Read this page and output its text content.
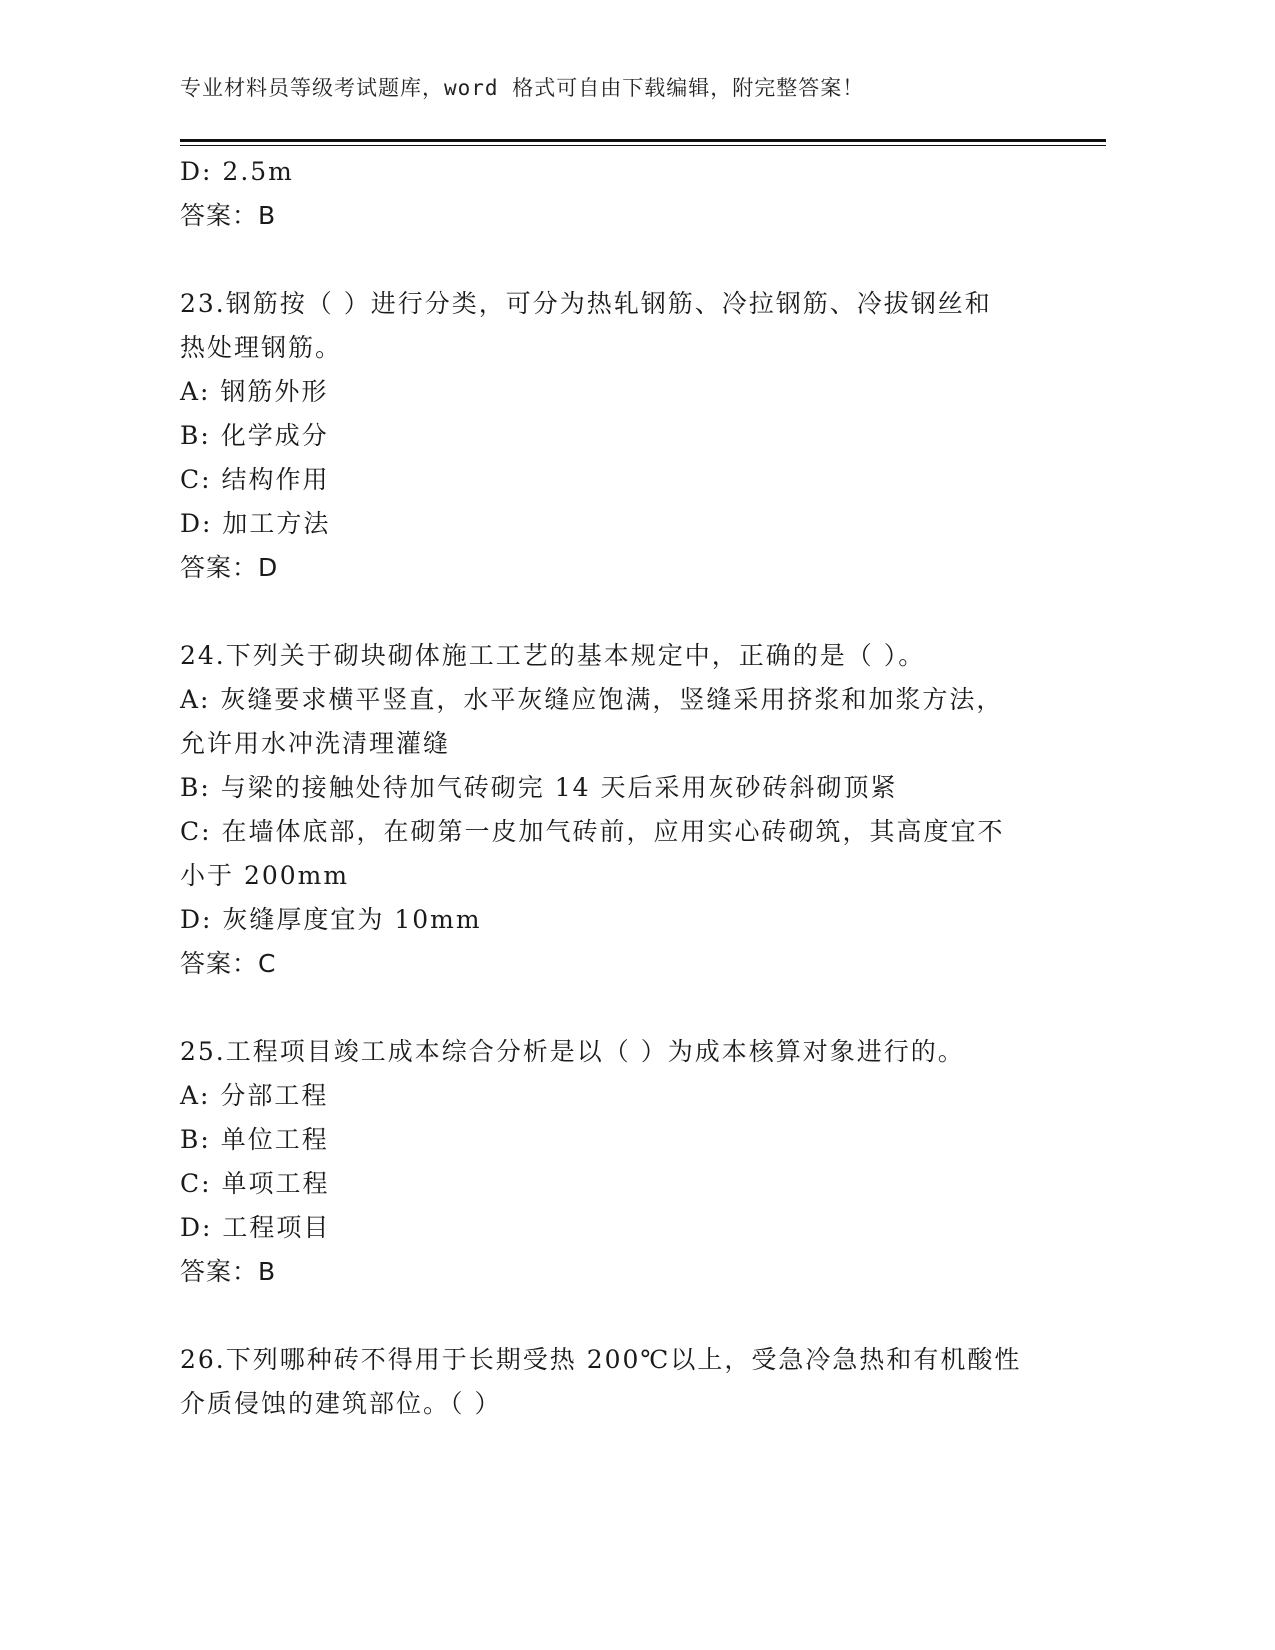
专业材料员等级考试题库，word 格式可自由下载编辑，附完整答案！
D: 2.5m
答案：B
23.钢筋按（ ）进行分类，可分为热轧钢筋、冷拉钢筋、冷拔钢丝和
热处理钢筋。
A: 钢筋外形
B: 化学成分
C: 结构作用
D: 加工方法
答案：D
24.下列关于砌块砌体施工工艺的基本规定中，正确的是（ ）。
A: 灰缝要求横平竖直，水平灰缝应饱满，竖缝采用挤浆和加浆方法，
允许用水冲洗清理灌缝
B: 与梁的接触处待加气砖砌完 14 天后采用灰砂砖斜砌顶紧
C: 在墙体底部，在砌第一皮加气砖前，应用实心砖砌筑，其高度宜不
小于 200mm
D: 灰缝厚度宜为 10mm
答案：C
25.工程项目竣工成本综合分析是以（ ）为成本核算对象进行的。
A: 分部工程
B: 单位工程
C: 单项工程
D: 工程项目
答案：B
26.下列哪种砖不得用于长期受热 200℃以上，受急冷急热和有机酸性
介质侵蚀的建筑部位。（ ）
